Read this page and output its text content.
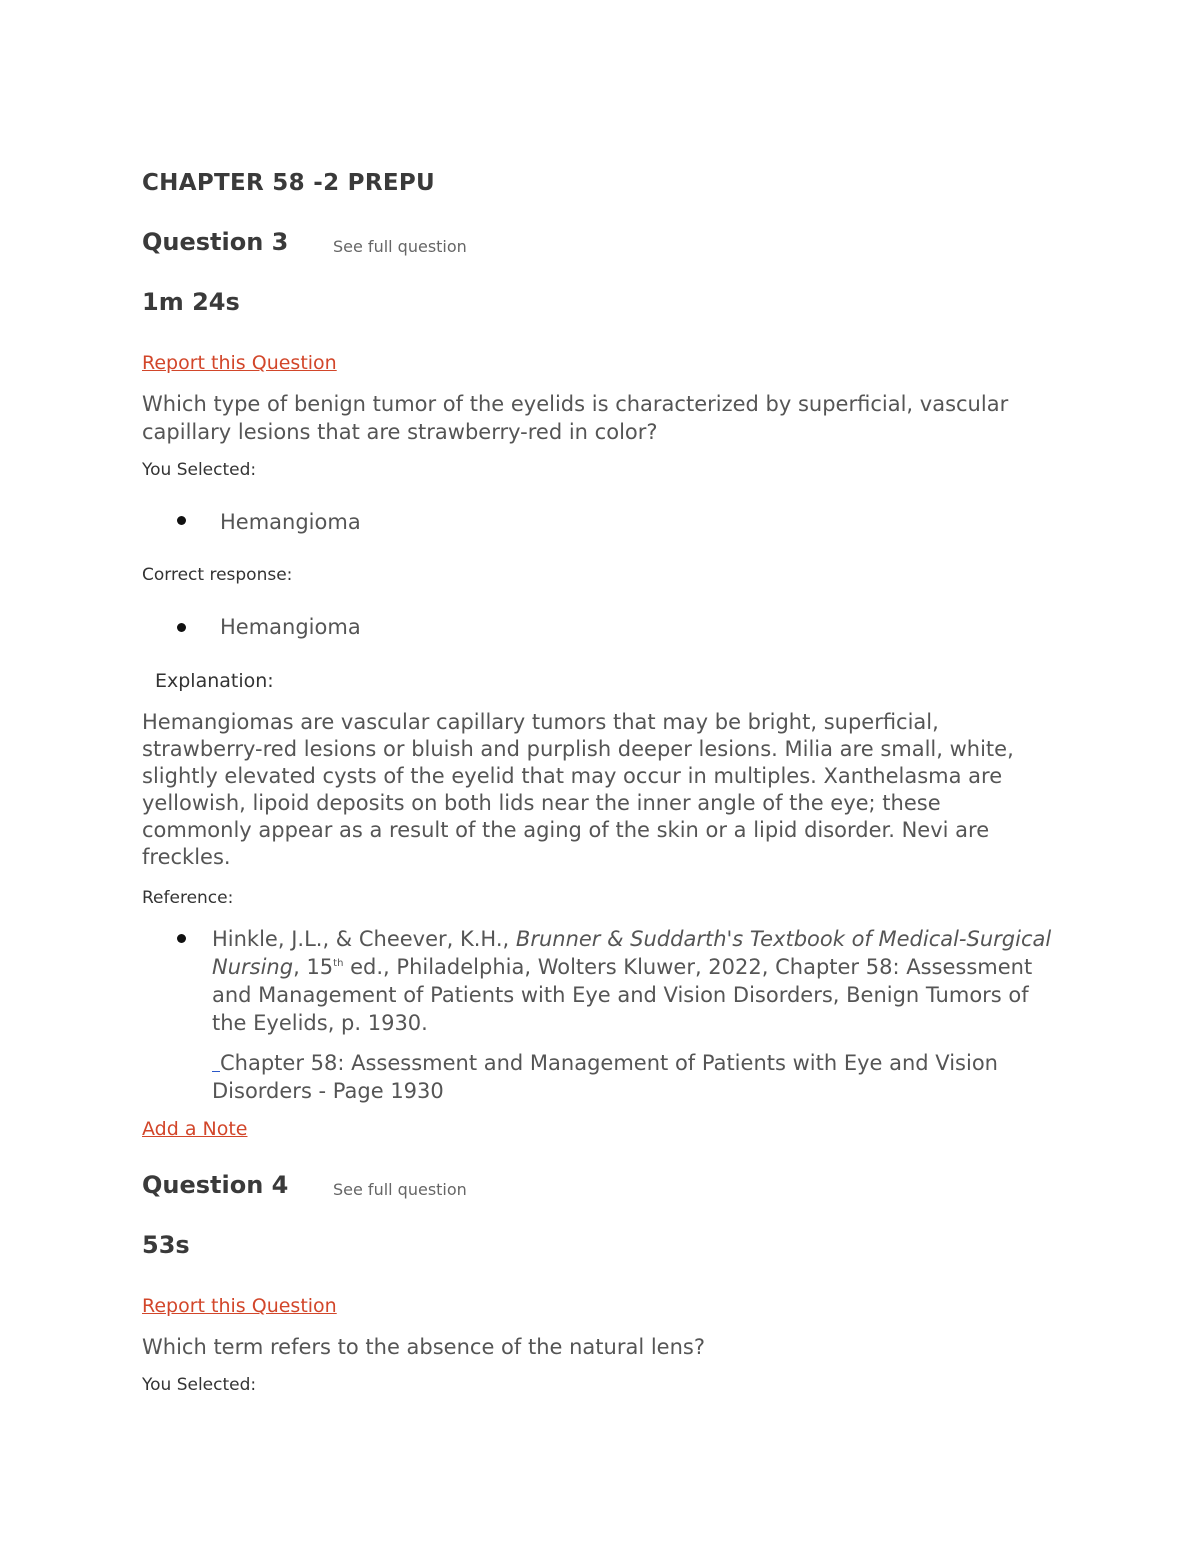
CHAPTER 58 -2 PREPU
Question 3	See full question
1m 24s
Report this Question
Which type of benign tumor of the eyelids is characterized by superficial, vascular capillary lesions that are strawberry-red in color?
You Selected:
Hemangioma
Correct response:
Hemangioma
Explanation:
Hemangiomas are vascular capillary tumors that may be bright, superficial, strawberry-red lesions or bluish and purplish deeper lesions. Milia are small, white, slightly elevated cysts of the eyelid that may occur in multiples. Xanthelasma are yellowish, lipoid deposits on both lids near the inner angle of the eye; these commonly appear as a result of the aging of the skin or a lipid disorder. Nevi are freckles.
Reference:
Hinkle, J.L., & Cheever, K.H., Brunner & Suddarth's Textbook of Medical-Surgical Nursing, 15th ed., Philadelphia, Wolters Kluwer, 2022, Chapter 58: Assessment and Management of Patients with Eye and Vision Disorders, Benign Tumors of the Eyelids, p. 1930.
Chapter 58: Assessment and Management of Patients with Eye and Vision Disorders - Page 1930
Add a Note
Question 4	See full question
53s
Report this Question
Which term refers to the absence of the natural lens?
You Selected:
